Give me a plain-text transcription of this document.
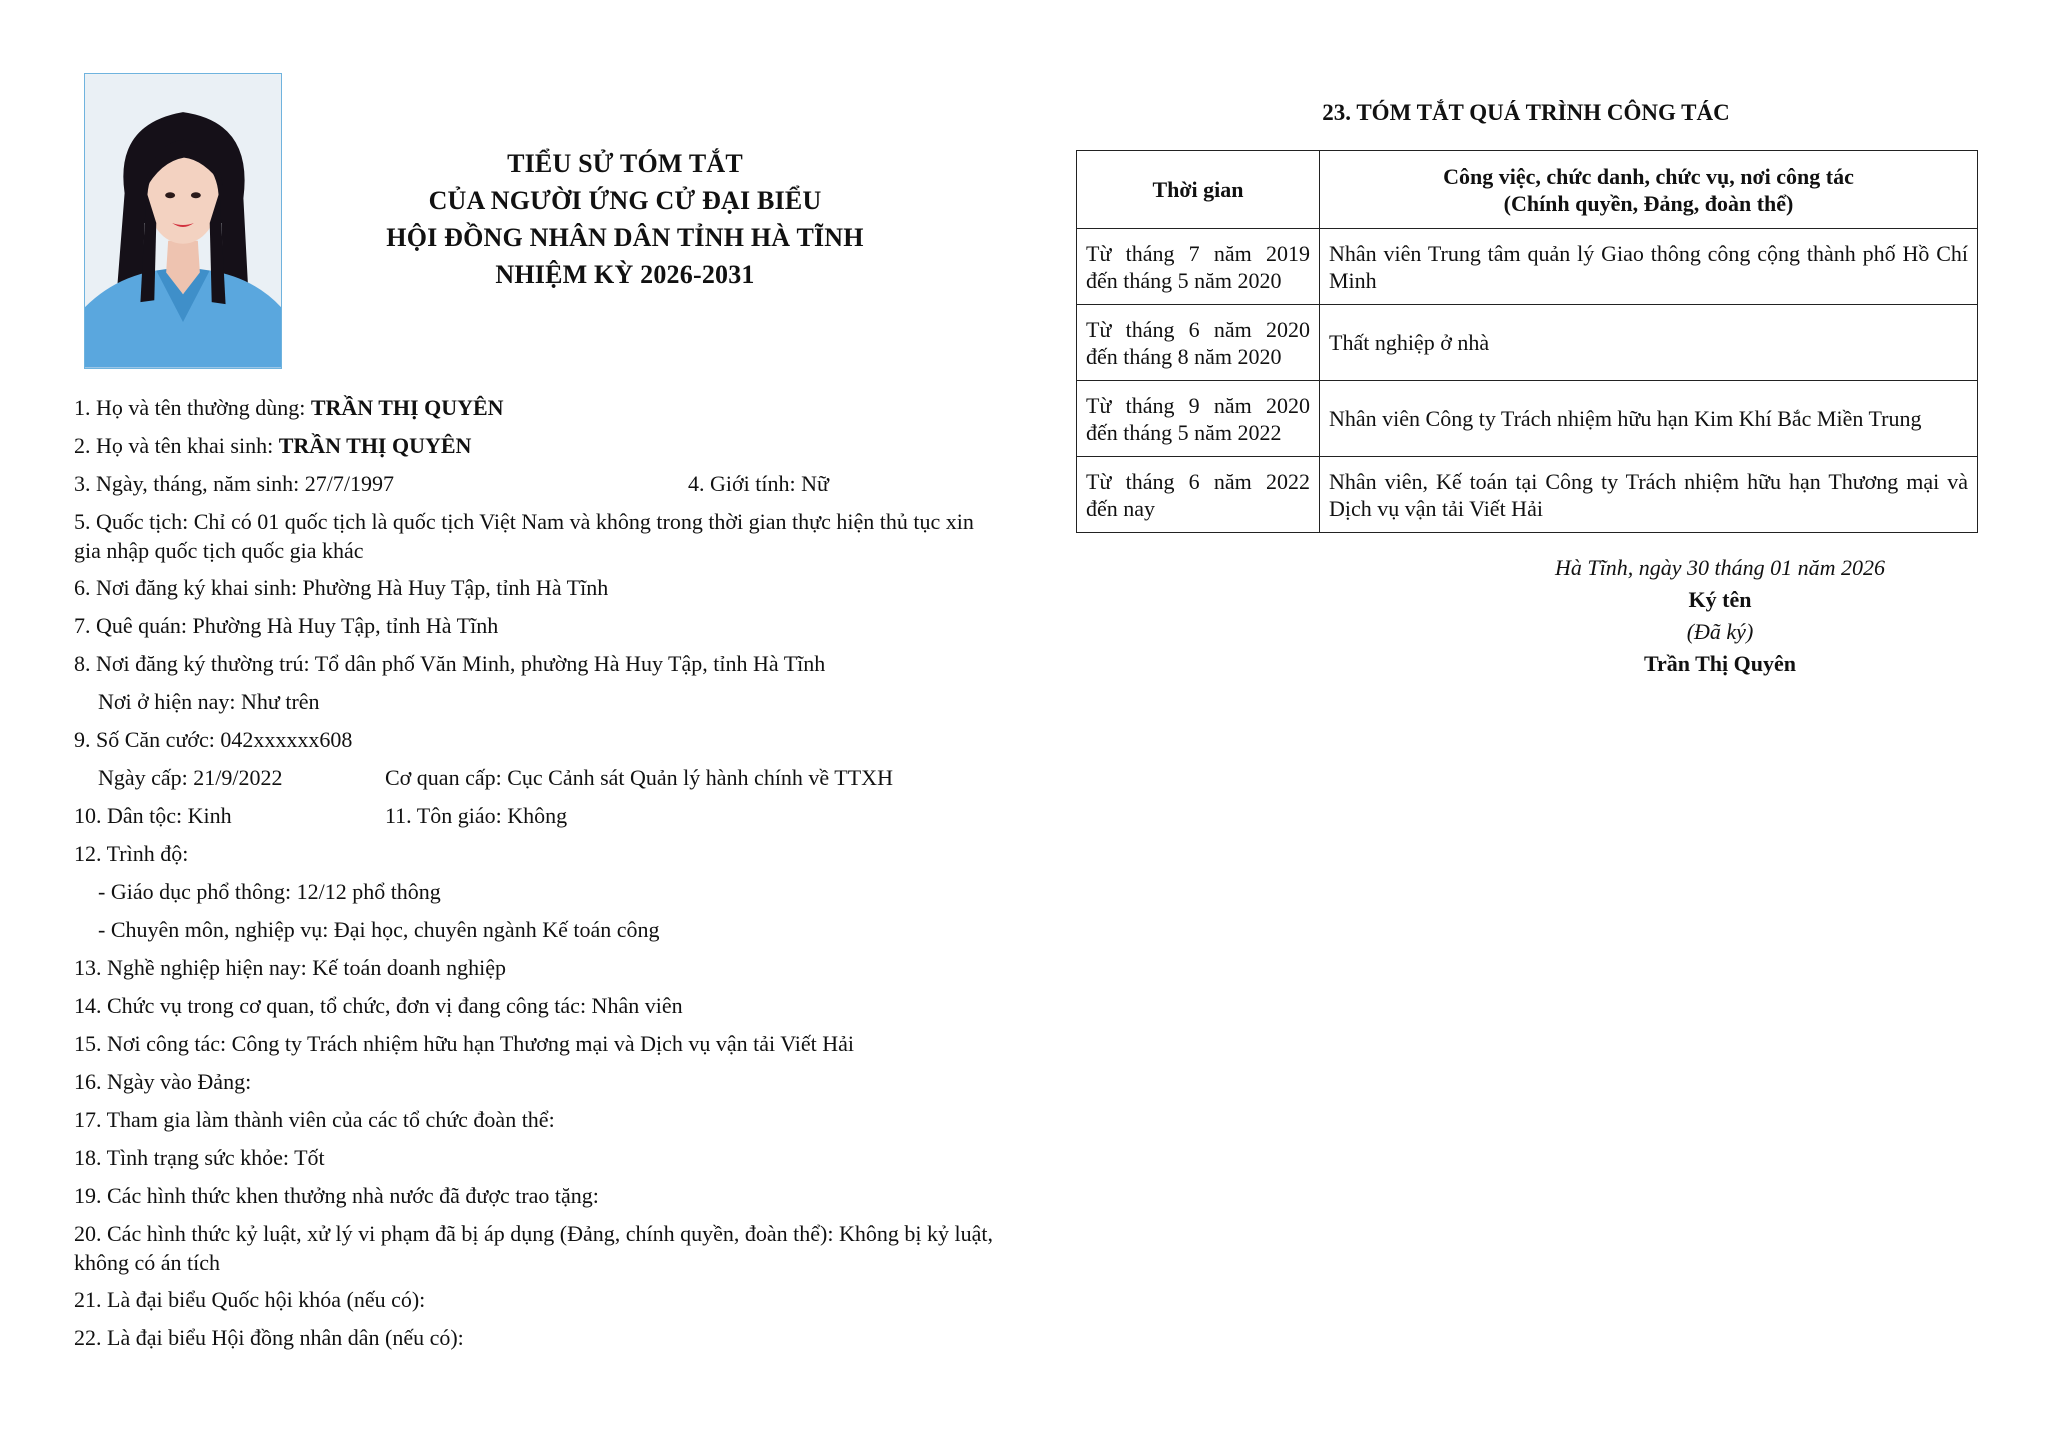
TIỂU SỬ TÓM TẮT
CỦA NGƯỜI ỨNG CỬ ĐẠI BIỂU
HỘI ĐỒNG NHÂN DÂN TỈNH HÀ TĨNH
NHIỆM KỲ 2026-2031
1. Họ và tên thường dùng: TRẦN THỊ QUYÊN
2. Họ và tên khai sinh: TRẦN THỊ QUYÊN
3. Ngày, tháng, năm sinh: 27/7/1997	4. Giới tính: Nữ
5. Quốc tịch: Chỉ có 01 quốc tịch là quốc tịch Việt Nam và không trong thời gian thực hiện thủ tục xin gia nhập quốc tịch quốc gia khác
6. Nơi đăng ký khai sinh: Phường Hà Huy Tập, tỉnh Hà Tĩnh
7. Quê quán: Phường Hà Huy Tập, tỉnh Hà Tĩnh
8. Nơi đăng ký thường trú: Tổ dân phố Văn Minh, phường Hà Huy Tập, tỉnh Hà Tĩnh
Nơi ở hiện nay: Như trên
9. Số Căn cước: 042xxxxxx608
Ngày cấp: 21/9/2022	Cơ quan cấp: Cục Cảnh sát Quản lý hành chính về TTXH
10. Dân tộc: Kinh	11. Tôn giáo: Không
12. Trình độ:
- Giáo dục phổ thông: 12/12 phổ thông
- Chuyên môn, nghiệp vụ: Đại học, chuyên ngành Kế toán công
13. Nghề nghiệp hiện nay: Kế toán doanh nghiệp
14. Chức vụ trong cơ quan, tổ chức, đơn vị đang công tác: Nhân viên
15. Nơi công tác: Công ty Trách nhiệm hữu hạn Thương mại và Dịch vụ vận tải Viết Hải
16. Ngày vào Đảng:
17. Tham gia làm thành viên của các tổ chức đoàn thể:
18. Tình trạng sức khỏe: Tốt
19. Các hình thức khen thưởng nhà nước đã được trao tặng:
20. Các hình thức kỷ luật, xử lý vi phạm đã bị áp dụng (Đảng, chính quyền, đoàn thể): Không bị kỷ luật, không có án tích
21. Là đại biểu Quốc hội khóa (nếu có):
22. Là đại biểu Hội đồng nhân dân (nếu có):
23. TÓM TẮT QUÁ TRÌNH CÔNG TÁC
Thời gian	Công việc, chức danh, chức vụ, nơi công tác
(Chính quyền, Đảng, đoàn thể)

Từ tháng 7 năm 2019 đến tháng 5 năm 2020	Nhân viên Trung tâm quản lý Giao thông công cộng thành phố Hồ Chí Minh
Từ tháng 6 năm 2020 đến tháng 8 năm 2020	Thất nghiệp ở nhà
Từ tháng 9 năm 2020 đến tháng 5 năm 2022	Nhân viên Công ty Trách nhiệm hữu hạn Kim Khí Bắc Miền Trung
Từ tháng 6 năm 2022 đến nay	Nhân viên, Kế toán tại Công ty Trách nhiệm hữu hạn Thương mại và Dịch vụ vận tải Viết Hải
Hà Tĩnh, ngày 30 tháng 01 năm 2026
Ký tên
(Đã ký)
Trần Thị Quyên
